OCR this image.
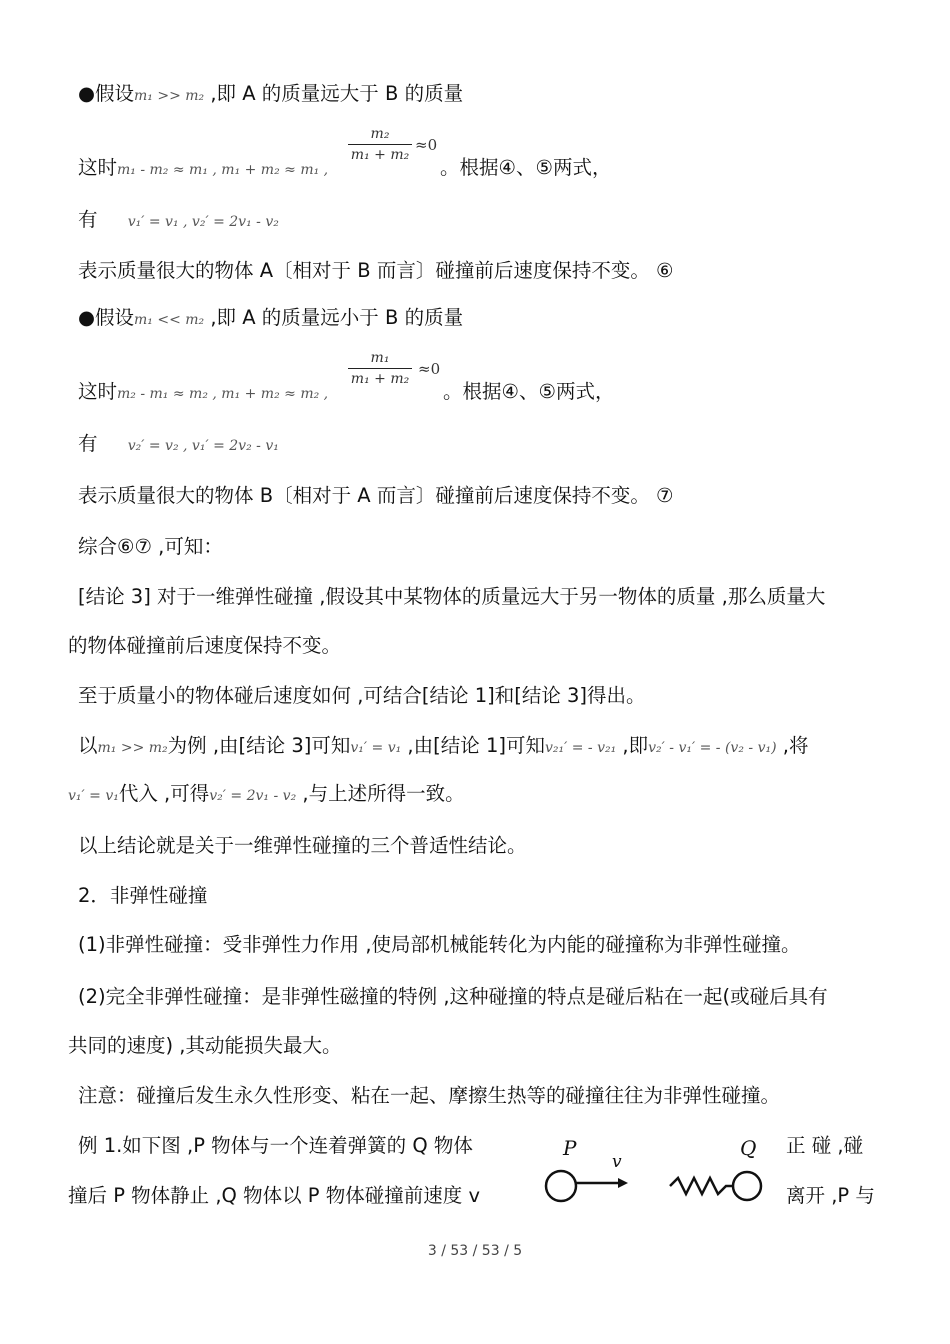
●假设m₁ >> m₂ ,即 A 的质量远大于 B 的质量
这时m₁ - m₂ ≈ m₁ , m₁ + m₂ ≈ m₁ ,
m₂
m₁ + m₂
≈0
。根据④、⑤两式，
有 v₁′ = v₁ , v₂′ = 2v₁ - v₂
表示质量很大的物体 A〔相对于 B 而言〕碰撞前后速度保持不变。 ⑥
●假设m₁ << m₂ ,即 A 的质量远小于 B 的质量
这时m₂ - m₁ ≈ m₂ , m₁ + m₂ ≈ m₂ ,
m₁
m₁ + m₂
≈0
。根据④、⑤两式，
有 v₂′ = v₂ , v₁′ = 2v₂ - v₁
表示质量很大的物体 B〔相对于 A 而言〕碰撞前后速度保持不变。 ⑦
综合⑥⑦ ,可知：
[结论 3] 对于一维弹性碰撞 ,假设其中某物体的质量远大于另一物体的质量 ,那么质量大
的物体碰撞前后速度保持不变。
至于质量小的物体碰后速度如何 ,可结合[结论 1]和[结论 3]得出。
以m₁ >> m₂为例 ,由[结论 3]可知v₁′ = v₁ ,由[结论 1]可知v₂₁′ = - v₂₁ ,即v₂′ - v₁′ = - (v₂ - v₁) ,将
v₁′ = v₁代入 ,可得v₂′ = 2v₁ - v₂ ,与上述所得一致。
以上结论就是关于一维弹性碰撞的三个普适性结论。
2．非弹性碰撞
(1)非弹性碰撞：受非弹性力作用 ,使局部机械能转化为内能的碰撞称为非弹性碰撞。
(2)完全非弹性碰撞：是非弹性磁撞的特例 ,这种碰撞的特点是碰后粘在一起(或碰后具有
共同的速度) ,其动能损失最大。
注意：碰撞后发生永久性形变、粘在一起、摩擦生热等的碰撞往往为非弹性碰撞。
例 1.如下图 ,P 物体与一个连着弹簧的 Q 物体	正 碰 ,碰
撞后 P 物体静止 ,Q 物体以 P 物体碰撞前速度 v	离开 ,P 与
P
v
Q
3 / 53 / 53 / 5
